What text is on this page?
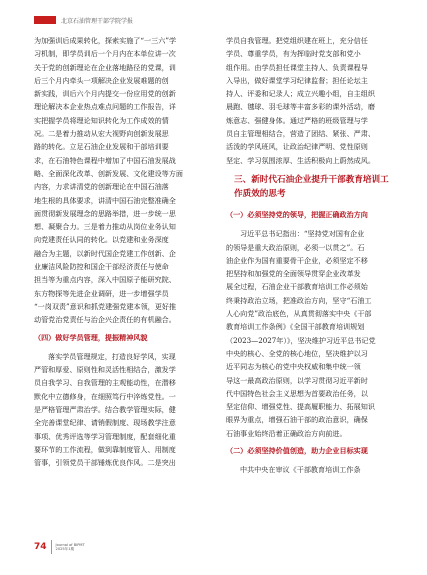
北京石油管理干部学院学报
为加强训后成果转化，探索实施了“一三六”学
习机制，即学员训后一个月内在本单位讲一次
关于党的创新理论在企业落地路径的党课，训
后三个月内牵头一项解决企业发展难题的创
新实践，训后六个月内提交一份应用党的创新
理论解决本企业热点难点问题的工作报告，详
实把握学员将理论知识转化为工作成效的情
况。二是着力推动从宏大视野向创新发展思
路的转化。立足石油企业发展和干部培训要
求，在石油特色课程中增加了中国石油发展战
略、全面深化改革、创新发展、文化建设等方面
内容，力求讲清党的创新理论在中国石油落
地生根的具体要求，讲清中国石油完整准确全
面贯彻新发展理念的思路举措，进一步统一思
想、凝聚合力。三是着力推动从岗位业务认知
向党建责任认同的转化。以党建和业务深度
融合为主题，以新时代国企党建工作创新、企
业廉洁风险防控和国企干部经济责任与使命
担当等为重点内容，深入中国原子能研究院、
东方物探等先进企业调研，进一步增强学员
“一岗双责”意识和抓党建强党建本领，更好推
动管党治党责任与治企兴企责任的有机融合。
（四）做好学员管理，提振精神风貌
落实学员管理规定，打造良好学风，实现
严管和厚爱、原则性和灵活性相结合，激发学
员自我学习、自我管理的主观能动性，在潜移
默化中立德修身，在细照笃行中淬炼党性。一
是严格管理严肃治学。结合教学管理实际，健
全完善课堂纪律、请销假制度、现场教学注意
事项、优秀评选等学习管理制度，配套细化重
要环节的工作流程，做到靠制度管人、用制度
管事，引领党员干部锤炼优良作风。二是突出
学员自我管理。把党组织建在班上，充分信任
学员、尊重学员，有为挥临时党支部和党小
组作用。由学员担任课堂主持人、负责课程导
入导出，做好课堂学习纪律监督；担任论坛主
持人、评委和记录人；成立兴趣小组，自主组织
晨跑、毽球、羽毛球等丰富多彩的课外活动，磨
炼意志、强健身体。通过严格的班级管理与学
员自主管理相结合，营造了团结、紧张、严肃、
活泼的学风班风，让政治纪律严明、党性原则
坚定、学习氛围浓厚、生活积极向上蔚然成风。
三、新时代石油企业提升干部教育培训工作质效的思考
（一）必须坚持党的领导，把握正确政治方向
习近平总书记指出：“坚持党对国有企业
的领导是重大政治原则，必须一以贯之”。石
油企业作为国有重要骨干企业，必须坚定不移
把坚持和加强党的全面领导贯穿企业改革发
展全过程，石油企业干部教育培训工作必须始
终秉持政治立场，把准政治方向，坚守“石油工
人心向党”政治底色，从真贯彻落实中央《干部
教育培训工作条例》《全国干部教育培训规划
（2023—2027年）》，坚决维护习近平总书记党
中央的核心、全党的核心地位，坚决维护以习
近平同志为核心的党中央权威和集中统一领
导这一最高政治原则，以学习贯彻习近平新时
代中国特色社会主义思想为首要政治任务，以
坚定信仰、增强党性、提高履职能力、拓展知识
眼界为重点，增强石油干部的政治意识，确保
石油事业始终沿着正确政治方向前进。
（二）必须坚持价值创造，助力企业目标实现
中共中央在审议《干部教育培训工作条
74	Journal of BIPMT
2025年1期
